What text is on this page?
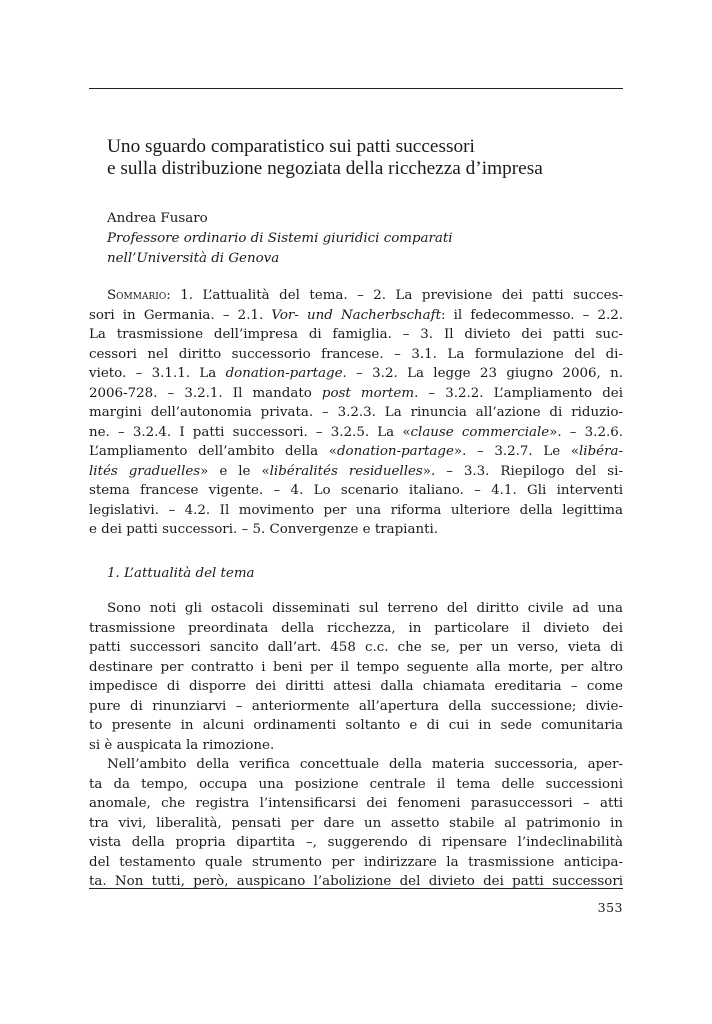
Uno sguardo comparatistico sui patti successori
e sulla distribuzione negoziata della ricchezza d’impresa
Andrea Fusaro
Professore ordinario di Sistemi giuridici comparati
nell’Università di Genova
Sommario: 1. L’attualità del tema. – 2. La previsione dei patti succes-
sori in Germania. – 2.1. Vor- und Nacherbschaft: il fedecommesso. – 2.2.
La trasmissione dell’impresa di famiglia. – 3. Il divieto dei patti suc-
cessori nel diritto successorio francese. – 3.1. La formulazione del di-
vieto. – 3.1.1. La donation-partage. – 3.2. La legge 23 giugno 2006, n.
2006-728. – 3.2.1. Il mandato post mortem. – 3.2.2. L’ampliamento dei
margini dell’autonomia privata. – 3.2.3. La rinuncia all’azione di riduzio-
ne. – 3.2.4. I patti successori. – 3.2.5. La «clause commerciale». – 3.2.6.
L’ampliamento dell’ambito della «donation-partage». – 3.2.7. Le «libéra-
lités graduelles» e le «libéralités residuelles». – 3.3. Riepilogo del si-
stema francese vigente. – 4. Lo scenario italiano. – 4.1. Gli interventi
legislativi. – 4.2. Il movimento per una riforma ulteriore della legittima
e dei patti successori. – 5. Convergenze e trapianti.
1. L’attualità del tema
Sono noti gli ostacoli disseminati sul terreno del diritto civile ad una
trasmissione preordinata della ricchezza, in particolare il divieto dei
patti successori sancito dall’art. 458 c.c. che se, per un verso, vieta di
destinare per contratto i beni per il tempo seguente alla morte, per altro
impedisce di disporre dei diritti attesi dalla chiamata ereditaria – come
pure di rinunziarvi – anteriormente all’apertura della successione; divie-
to presente in alcuni ordinamenti soltanto e di cui in sede comunitaria
si è auspicata la rimozione.
Nell’ambito della verifica concettuale della materia successoria, aper-
ta da tempo, occupa una posizione centrale il tema delle successioni
anomale, che registra l’intensificarsi dei fenomeni parasuccessori – atti
tra vivi, liberalità, pensati per dare un assetto stabile al patrimonio in
vista della propria dipartita –, suggerendo di ripensare l’indeclinabilità
del testamento quale strumento per indirizzare la trasmissione anticipa-
ta. Non tutti, però, auspicano l’abolizione del divieto dei patti successori
353
